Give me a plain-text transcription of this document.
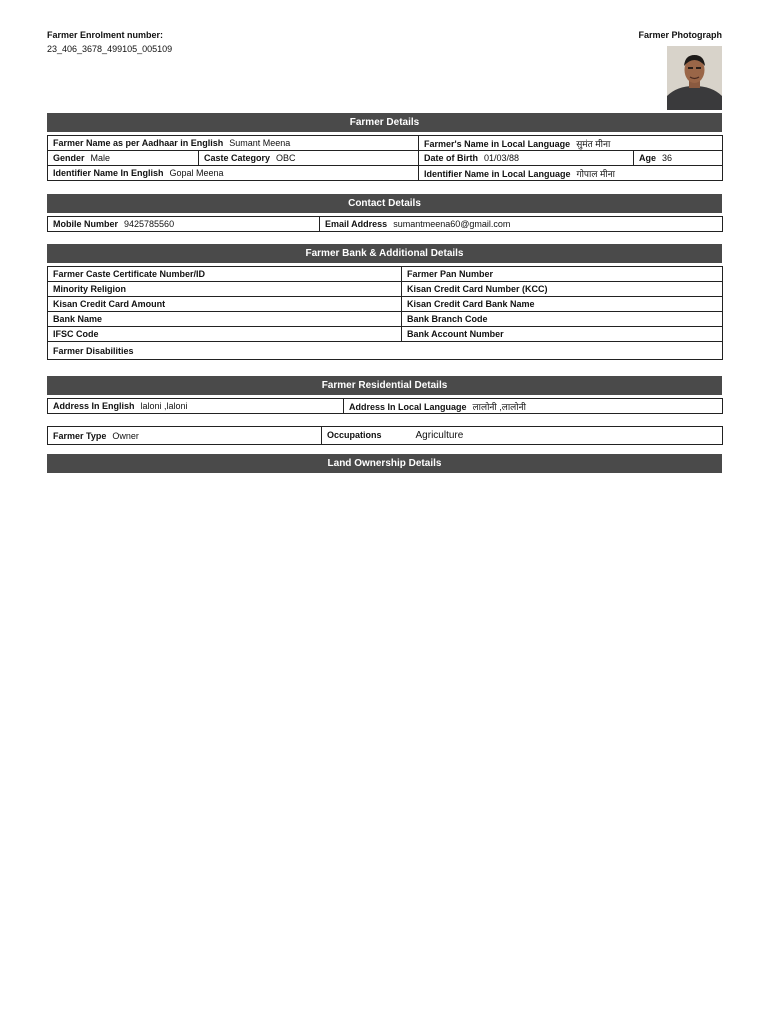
Farmer Enrolment number:
23_406_3678_499105_005109
Farmer Photograph
Farmer Details
Farmer Name as per Aadhaar in English Sumant Meena		Farmer's Name in Local Language सुमंत मीना	
Gender Male	Caste Category OBC	Date of Birth 01/03/88	Age 36
Identifier Name In English Gopal Meena		Identifier Name in Local Language गोपाल मीना	
Contact Details
Mobile Number 9425785560	Email Address sumantmeena60@gmail.com
Farmer Bank & Additional Details
Farmer Caste Certificate Number/ID	Farmer Pan Number
Minority Religion	Kisan Credit Card Number (KCC)
Kisan Credit Card Amount	Kisan Credit Card Bank Name
Bank Name	Bank Branch Code
IFSC Code	Bank Account Number
Farmer Disabilities	
Farmer Residential Details
Address In English laloni ,laloni	Address In Local Language लालोनी ,लालोनी
Farmer Type Owner	Occupations	Agriculture
Land Ownership Details
